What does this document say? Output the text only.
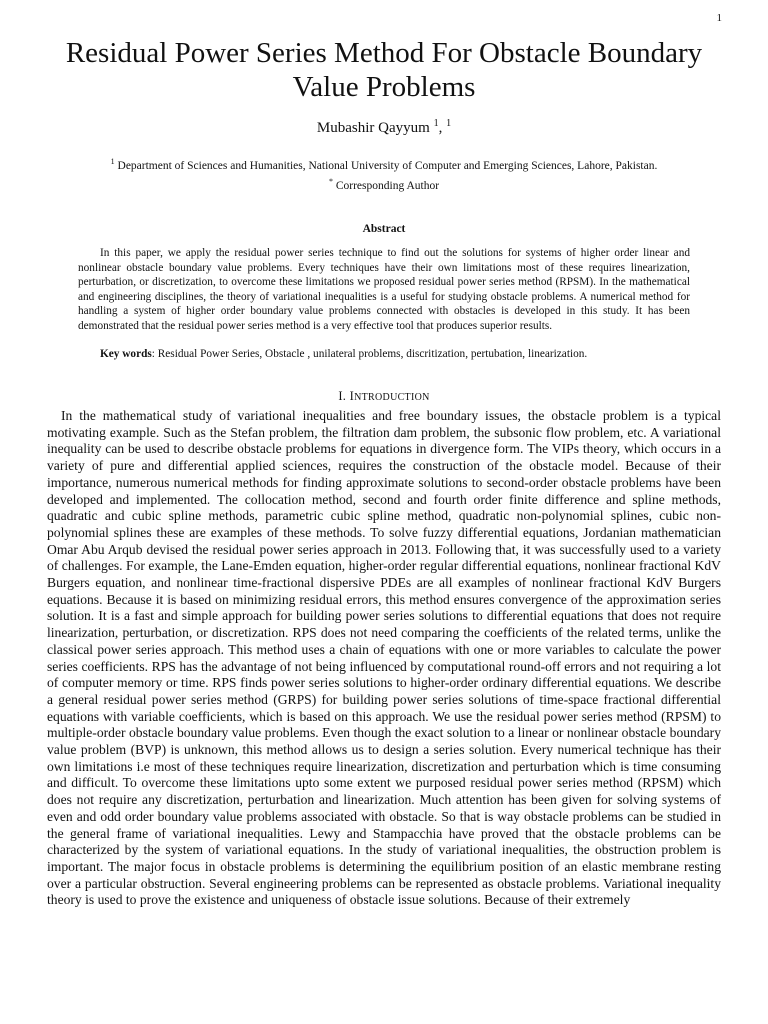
1
Residual Power Series Method For Obstacle Boundary Value Problems
Mubashir Qayyum $^1$, $^1$
$^1$ Department of Sciences and Humanities, National University of Computer and Emerging Sciences, Lahore, Pakistan.
* Corresponding Author
Abstract

In this paper, we apply the residual power series technique to find out the solutions for systems of higher order linear and nonlinear obstacle boundary value problems. Every techniques have their own limitations most of these requires linearization, perturbation, or discretization, to overcome these limitations we proposed residual power series method (RPSM). In the mathematical and engineering disciplines, the theory of variational inequalities is a useful for studying obstacle problems. A numerical method for handling a system of higher order boundary value problems connected with obstacles is developed in this study. It has been demonstrated that the residual power series method is a very effective tool that produces superior results.

Key words: Residual Power Series, Obstacle , unilateral problems, discritization, pertubation, linearization.

I. INTRODUCTION

In the mathematical study of variational inequalities and free boundary issues, the obstacle problem is a typical motivating example. Such as the Stefan problem, the filtration dam problem, the subsonic flow problem, etc. A variational inequality can be used to describe obstacle problems for equations in divergence form. The VIPs theory, which occurs in a variety of pure and differential applied sciences, requires the construction of the obstacle model. Because of their importance, numerous numerical methods for finding approximate solutions to second-order obstacle problems have been developed and implemented. The collocation method, second and fourth order finite difference and spline methods, quadratic and cubic spline methods, parametric cubic spline method, quadratic non-polynomial splines, cubic non-polynomial splines these are examples of these methods. To solve fuzzy differential equations, Jordanian mathematician Omar Abu Arqub devised the residual power series approach in 2013. Following that, it was successfully used to a variety of challenges. For example, the Lane-Emden equation, higher-order regular differential equations, nonlinear fractional KdV Burgers equation, and nonlinear time-fractional dispersive PDEs are all examples of nonlinear fractional KdV Burgers equations. Because it is based on minimizing residual errors, this method ensures convergence of the approximation series solution. It is a fast and simple approach for building power series solutions to differential equations that does not require linearization, perturbation, or discretization. RPS does not need comparing the coefficients of the related terms, unlike the classical power series approach. This method uses a chain of equations with one or more variables to calculate the power series coefficients. RPS has the advantage of not being influenced by computational round-off errors and not requiring a lot of computer memory or time. RPS finds power series solutions to higher-order ordinary differential equations. We describe a general residual power series method (GRPS) for building power series solutions of time-space fractional differential equations with variable coefficients, which is based on this approach. We use the residual power series method (RPSM) to multiple-order obstacle boundary value problems. Even though the exact solution to a linear or nonlinear obstacle boundary value problem (BVP) is unknown, this method allows us to design a series solution. Every numerical technique has their own limitations i.e most of these techniques require linearization, discretization and perturbation which is time consuming and difficult. To overcome these limitations upto some extent we purposed residual power series method (RPSM) which does not require any discretization, perturbation and linearization. Much attention has been given for solving systems of even and odd order boundary value problems associated with obstacle. So that is way obstacle problems can be studied in the general frame of variational inequalities. Lewy and Stampacchia have proved that the obstacle problems can be characterized by the system of variational equations. In the study of variational inequalities, the obstruction problem is important. The major focus in obstacle problems is determining the equilibrium position of an elastic membrane resting over a particular obstruction. Several engineering problems can be represented as obstacle problems. Variational inequality theory is used to prove the existence and uniqueness of obstacle issue solutions. Because of their extremely
